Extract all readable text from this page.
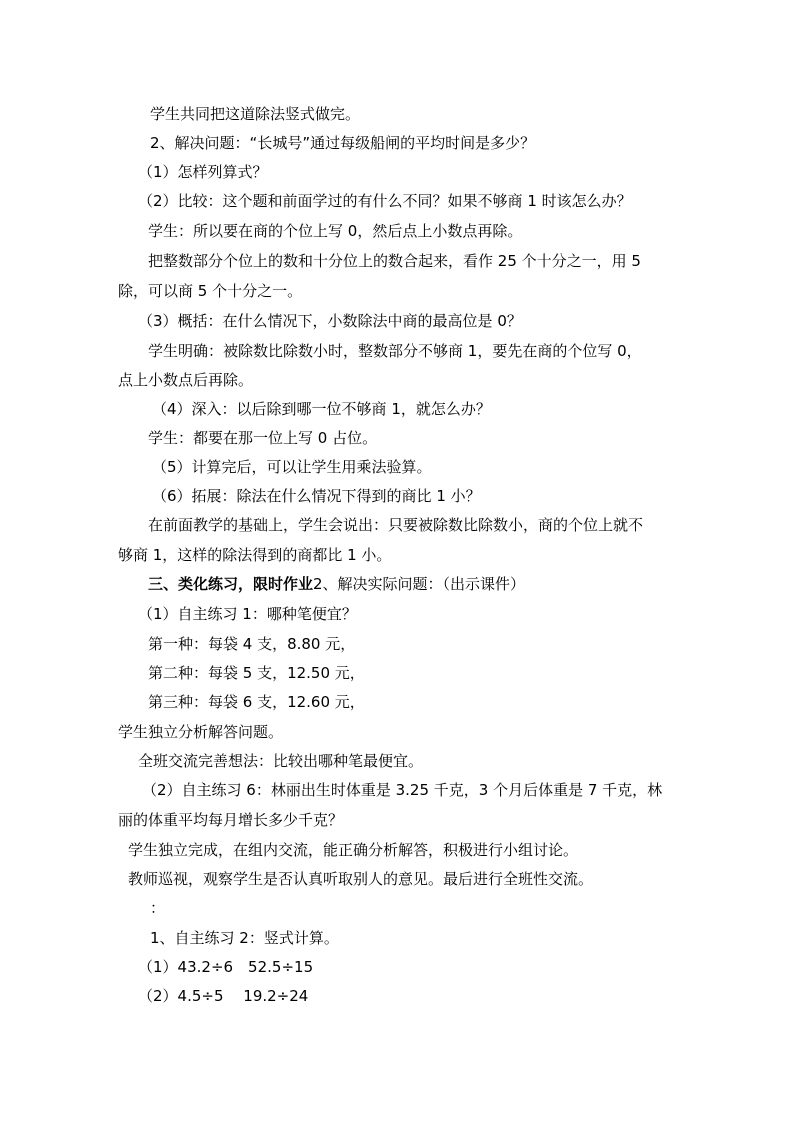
学生共同把这道除法竖式做完。
2、解决问题：“长城号”通过每级船闸的平均时间是多少？
（1）怎样列算式？
（2）比较：这个题和前面学过的有什么不同？如果不够商 1 时该怎么办？
学生：所以要在商的个位上写 0，然后点上小数点再除。
把整数部分个位上的数和十分位上的数合起来，看作 25 个十分之一，用 5
除，可以商 5 个十分之一。
（3）概括：在什么情况下，小数除法中商的最高位是 0？
学生明确：被除数比除数小时，整数部分不够商 1，要先在商的个位写 0，
点上小数点后再除。
（4）深入：以后除到哪一位不够商 1，就怎么办？
学生：都要在那一位上写 0 占位。
（5）计算完后，可以让学生用乘法验算。
（6）拓展：除法在什么情况下得到的商比 1 小？
在前面教学的基础上，学生会说出：只要被除数比除数小，商的个位上就不
够商 1，这样的除法得到的商都比 1 小。
三、类化练习，限时作业2、解决实际问题：（出示课件）
（1）自主练习 1：哪种笔便宜？
第一种：每袋 4 支，8.80 元，
第二种：每袋 5 支，12.50 元，
第三种：每袋 6 支，12.60 元，
学生独立分析解答问题。
全班交流完善想法：比较出哪种笔最便宜。
（2）自主练习 6：林丽出生时体重是 3.25 千克，3 个月后体重是 7 千克，林
丽的体重平均每月增长多少千克？
学生独立完成，在组内交流，能正确分析解答，积极进行小组讨论。
教师巡视，观察学生是否认真听取别人的意见。最后进行全班性交流。
：
1、自主练习 2：竖式计算。
（1）43.2÷6　52.5÷15
（2）4.5÷5　 19.2÷24
